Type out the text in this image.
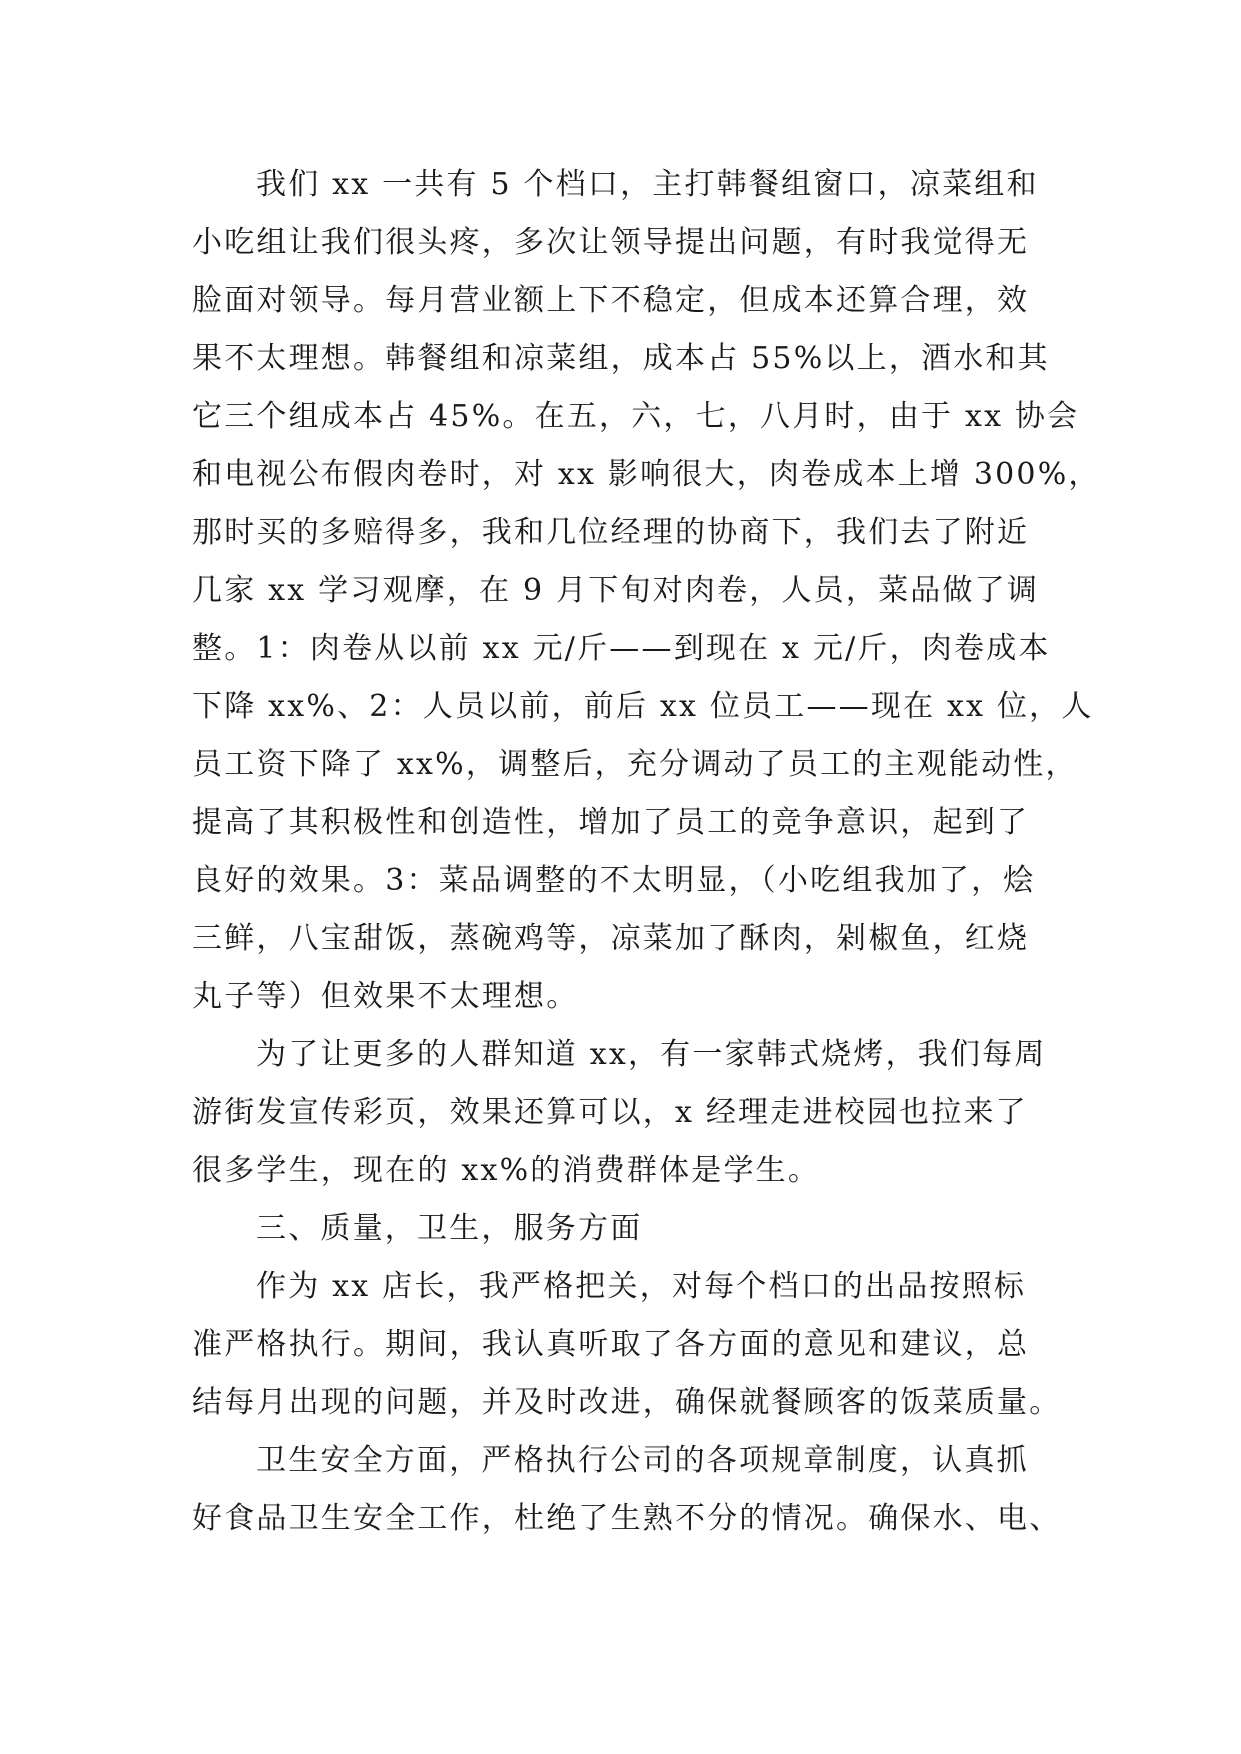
我们 xx 一共有 5 个档口，主打韩餐组窗口，凉菜组和
小吃组让我们很头疼，多次让领导提出问题，有时我觉得无
脸面对领导。每月营业额上下不稳定，但成本还算合理，效
果不太理想。韩餐组和凉菜组，成本占 55%以上，酒水和其
它三个组成本占 45%。在五，六，七，八月时，由于 xx 协会
和电视公布假肉卷时，对 xx 影响很大，肉卷成本上增 300%，
那时买的多赔得多，我和几位经理的协商下，我们去了附近
几家 xx 学习观摩，在 9 月下旬对肉卷，人员，菜品做了调
整。1：肉卷从以前 xx 元/斤——到现在 x 元/斤，肉卷成本
下降 xx%、2：人员以前，前后 xx 位员工——现在 xx 位，人
员工资下降了 xx%，调整后，充分调动了员工的主观能动性，
提高了其积极性和创造性，增加了员工的竞争意识，起到了
良好的效果。3：菜品调整的不太明显，（小吃组我加了，烩
三鲜，八宝甜饭，蒸碗鸡等，凉菜加了酥肉，剁椒鱼，红烧
丸子等）但效果不太理想。
为了让更多的人群知道 xx，有一家韩式烧烤，我们每周
游街发宣传彩页，效果还算可以，x 经理走进校园也拉来了
很多学生，现在的 xx%的消费群体是学生。
三、质量，卫生，服务方面
作为 xx 店长，我严格把关，对每个档口的出品按照标
准严格执行。期间，我认真听取了各方面的意见和建议，总
结每月出现的问题，并及时改进，确保就餐顾客的饭菜质量。
卫生安全方面，严格执行公司的各项规章制度，认真抓
好食品卫生安全工作，杜绝了生熟不分的情况。确保水、电、
